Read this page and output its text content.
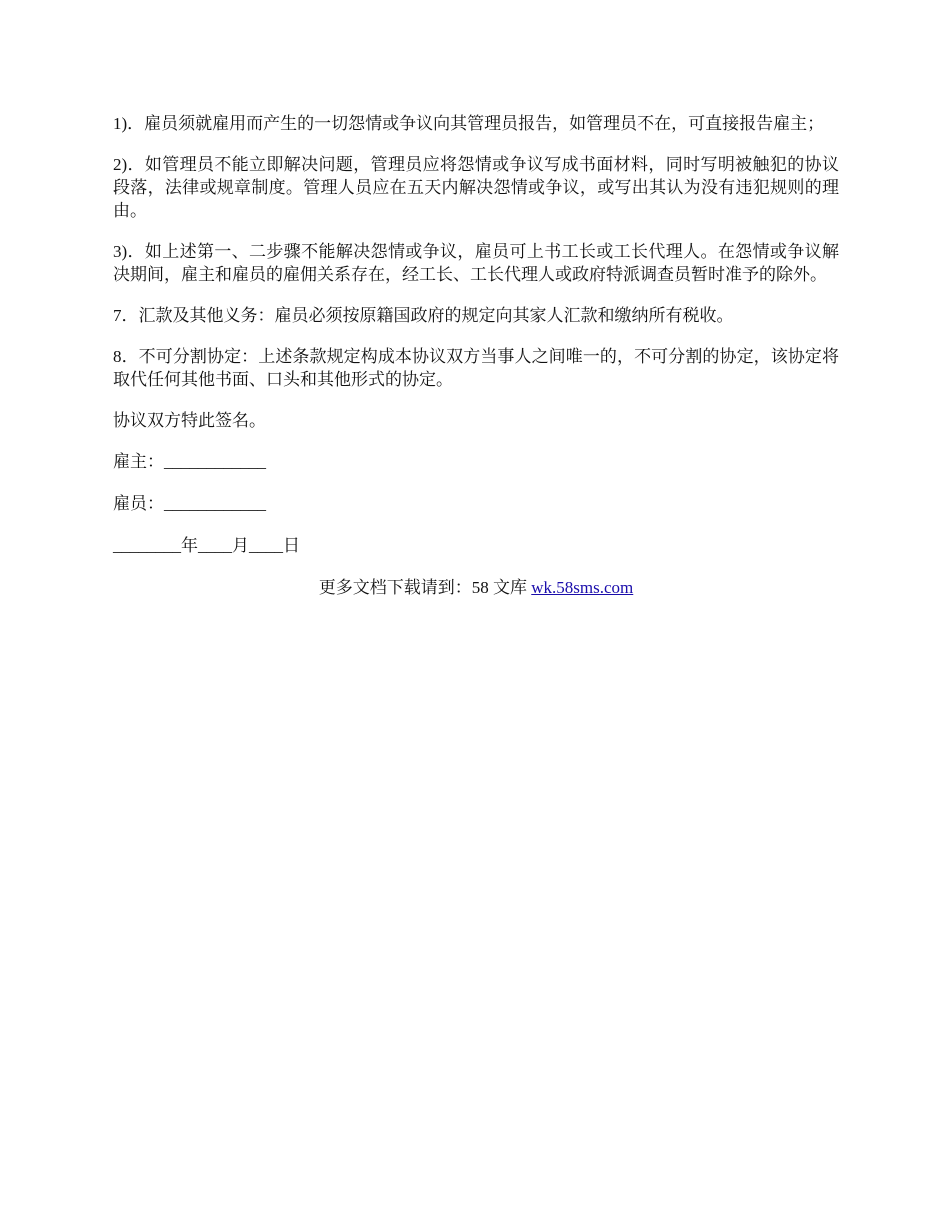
1)．雇员须就雇用而产生的一切怨情或争议向其管理员报告，如管理员不在，可直接报告雇主；

2)．如管理员不能立即解决问题，管理员应将怨情或争议写成书面材料，同时写明被触犯的协议段落，法律或规章制度。管理人员应在五天内解决怨情或争议，或写出其认为没有违犯规则的理由。

3)．如上述第一、二步骤不能解决怨情或争议，雇员可上书工长或工长代理人。在怨情或争议解决期间，雇主和雇员的雇佣关系存在，经工长、工长代理人或政府特派调查员暂时准予的除外。

7．汇款及其他义务：雇员必须按原籍国政府的规定向其家人汇款和缴纳所有税收。

8．不可分割协定：上述条款规定构成本协议双方当事人之间唯一的，不可分割的协定，该协定将取代任何其他书面、口头和其他形式的协定。

协议双方特此签名。

雇主：____________

雇员：____________

________年____月____日

更多文档下载请到：58 文库 wk.58sms.com
